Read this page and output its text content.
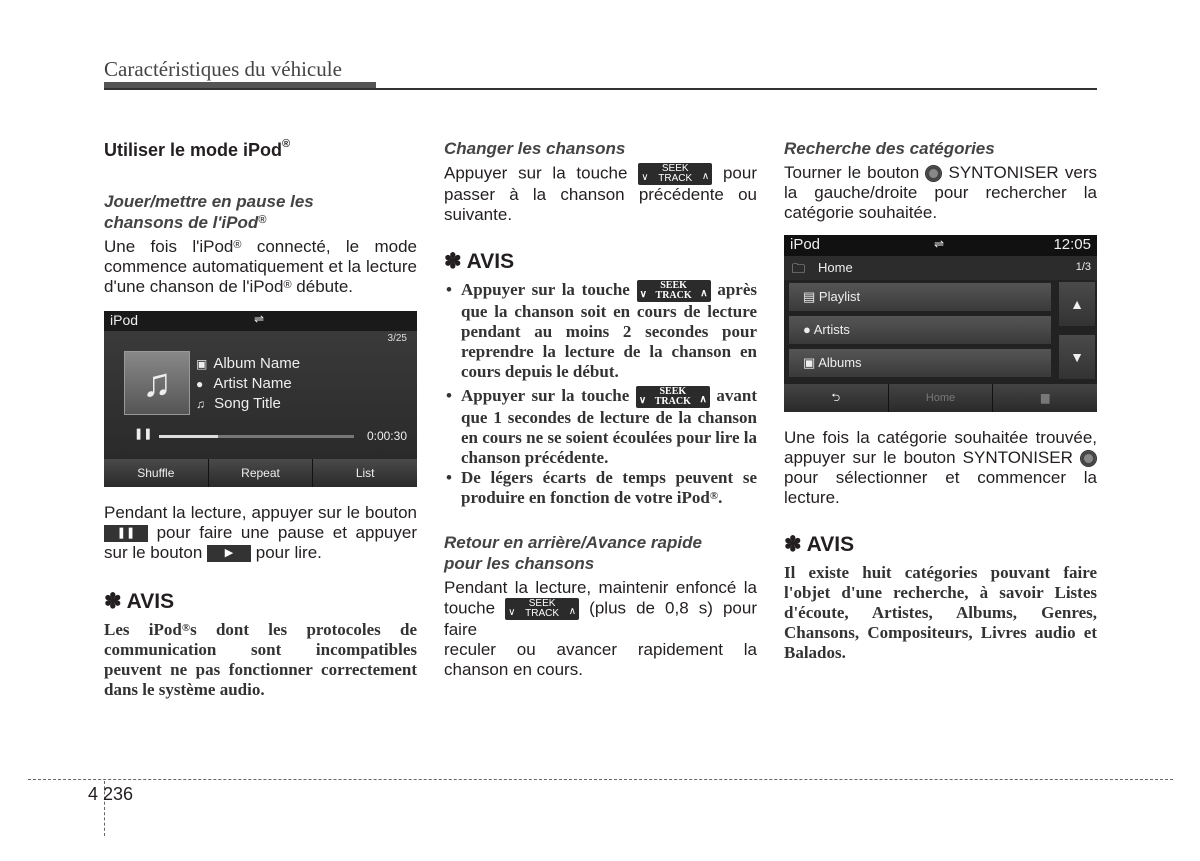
Caractéristiques du véhicule
Utiliser le mode iPod®
Jouer/mettre en pause les
chansons de l'iPod®

Une fois l'iPod® connecté, le mode commence automatiquement et la lecture d'une chanson de l'iPod® débute.

iPod	⇌
3/25
♫	▣ Album Name
● Artist Name
♫ Song Title
❚❚	0:00:30
Shuffle	Repeat	List

Pendant la lecture, appuyer sur le bouton ❚❚ pour faire une pause et appuyer sur le bouton ▶ pour lire.

✽ AVIS

Les iPod®s dont les protocoles de communication sont incompatibles peuvent ne pas fonctionner correctement dans le système audio.

Changer les chansons

Appuyer sur la touche ∨
SEEK
TRACK ∧ pour passer à la chanson précédente ou suivante.

✽ AVIS
• Appuyer sur la touche ∨
SEEK
TRACK ∧ après que la chanson soit en cours de lecture pendant au moins 2 secondes pour reprendre la lecture de la chanson en cours depuis le début.
• Appuyer sur la touche ∨
SEEK
TRACK ∧ avant que 1 secondes de lecture de la chanson en cours ne se soient écoulées pour lire la chanson précédente.
• De légers écarts de temps peuvent se produire en fonction de votre iPod®.
Retour en arrière/Avance rapide
pour les chansons

Pendant la lecture, maintenir enfoncé la touche ∨
SEEK
TRACK ∧ (plus de 0,8 s) pour faire
reculer ou avancer rapidement la chanson en cours.

Recherche des catégories

Tourner le bouton  SYNTONISER vers la gauche/droite pour rechercher la catégorie souhaitée.

iPod	⇌	12:05
🗀 Home	1/3
▤ Playlist
● Artists
▣ Albums
▲
▼
⮌	Home	▆

Une fois la catégorie souhaitée trouvée, appuyer sur le bouton SYNTONISER  pour sélectionner et commencer la lecture.

✽ AVIS

Il existe huit catégories pouvant faire l'objet d'une recherche, à savoir Listes d'écoute, Artistes, Albums, Genres, Chansons, Compositeurs, Livres audio et Balados.

4 236
